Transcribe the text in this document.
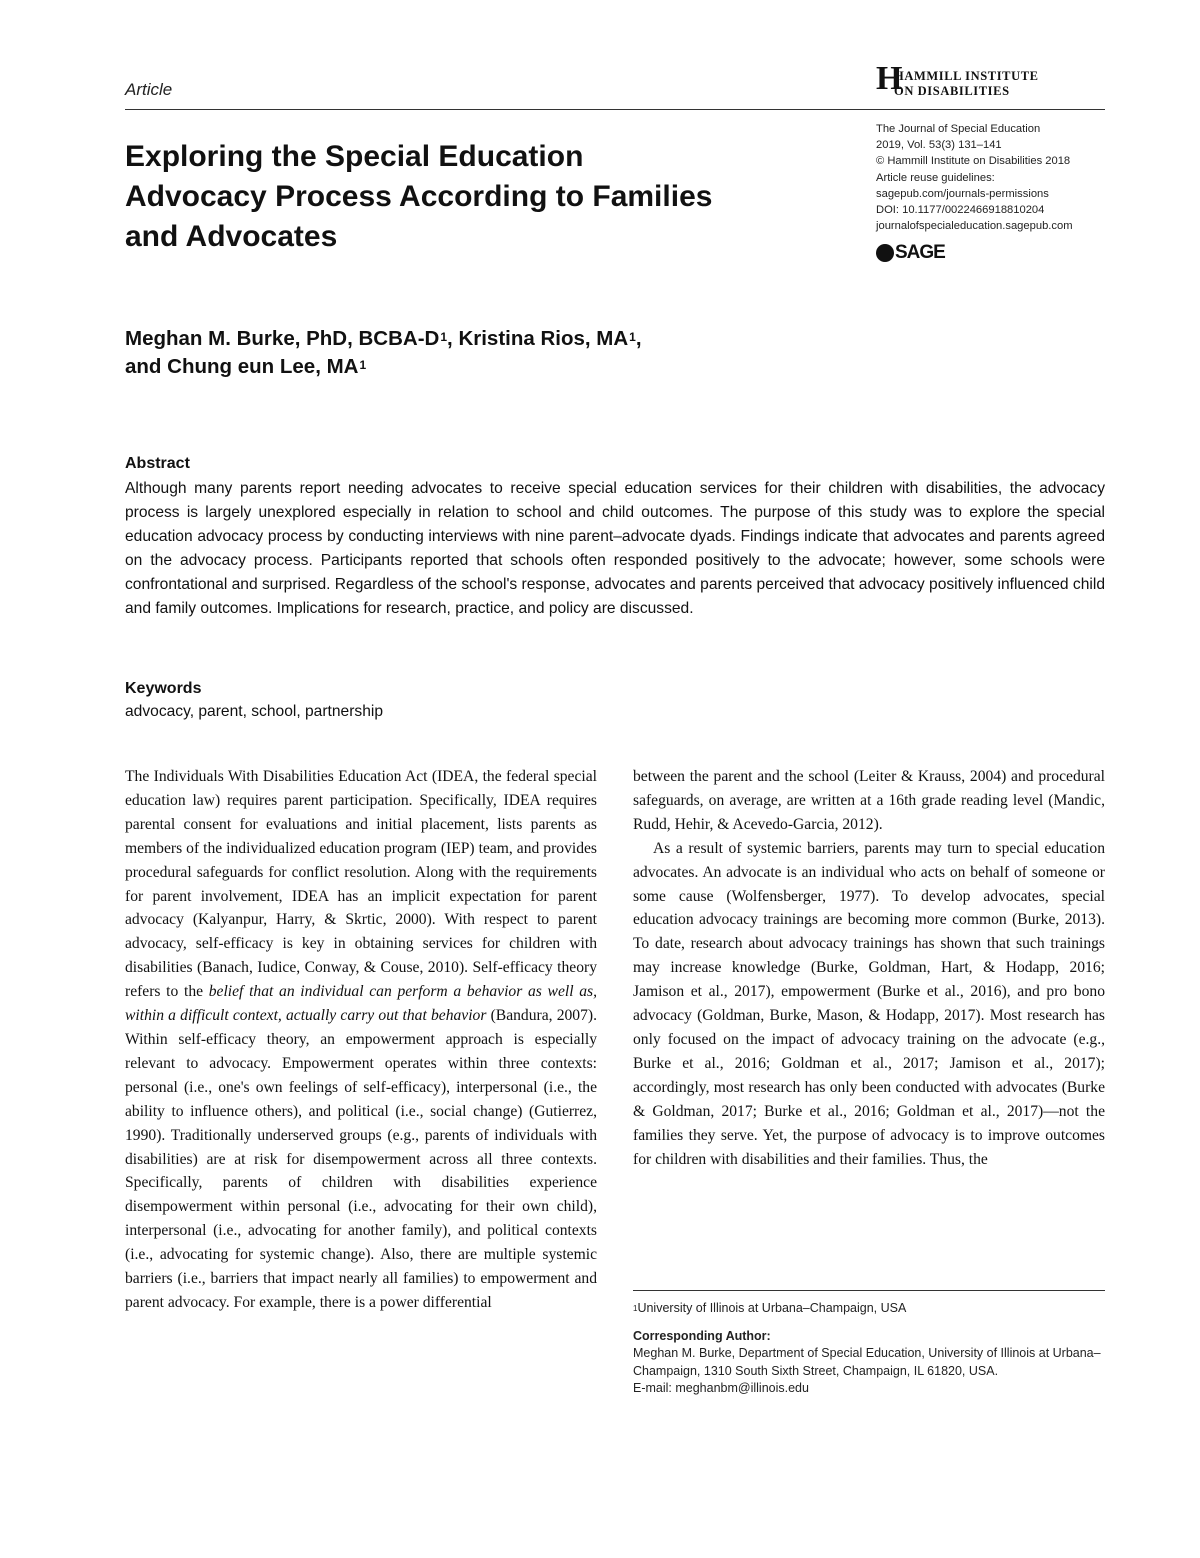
Article	H
HAMMILL INSTITUTE
ON DISABILITIES
Exploring the Special Education Advocacy Process According to Families and Advocates
The Journal of Special Education
2019, Vol. 53(3) 131–141
© Hammill Institute on Disabilities 2018
Article reuse guidelines:
sagepub.com/journals-permissions
DOI: 10.1177/0022466918810204
journalofspecialeducation.sagepub.com
SAGE
Meghan M. Burke, PhD, BCBA-$D^1$, Kristina Rios, $MA^1$,
and Chung eun Lee, $MA^1$
Abstract

Although many parents report needing advocates to receive special education services for their children with disabilities, the advocacy process is largely unexplored especially in relation to school and child outcomes. The purpose of this study was to explore the special education advocacy process by conducting interviews with nine parent–advocate dyads. Findings indicate that advocates and parents agreed on the advocacy process. Participants reported that schools often responded positively to the advocate; however, some schools were confrontational and surprised. Regardless of the school's response, advocates and parents perceived that advocacy positively influenced child and family outcomes. Implications for research, practice, and policy are discussed.

Keywords
advocacy, parent, school, partnership

The Individuals With Disabilities Education Act (IDEA, the federal special education law) requires parent participation. Specifically, IDEA requires parental consent for evaluations and initial placement, lists parents as members of the individualized education program (IEP) team, and provides procedural safeguards for conflict resolution. Along with the requirements for parent involvement, IDEA has an implicit expectation for parent advocacy (Kalyanpur, Harry, & Skrtic, 2000). With respect to parent advocacy, self-efficacy is key in obtaining services for children with disabilities (Banach, Iudice, Conway, & Couse, 2010). Self-efficacy theory refers to the belief that an individual can perform a behavior as well as, within a difficult context, actually carry out that behavior (Bandura, 2007). Within self-efficacy theory, an empowerment approach is especially relevant to advocacy. Empowerment operates within three contexts: personal (i.e., one's own feelings of self-efficacy), interpersonal (i.e., the ability to influence others), and political (i.e., social change) (Gutierrez, 1990). Traditionally underserved groups (e.g., parents of individuals with disabilities) are at risk for disempowerment across all three contexts. Specifically, parents of children with disabilities experience disempowerment within personal (i.e., advocating for their own child), interpersonal (i.e., advocating for another family), and political contexts (i.e., advocating for systemic change). Also, there are multiple systemic barriers (i.e., barriers that impact nearly all families) to empowerment and parent advocacy. For example, there is a power differential

between the parent and the school (Leiter & Krauss, 2004) and procedural safeguards, on average, are written at a 16th grade reading level (Mandic, Rudd, Hehir, & Acevedo-Garcia, 2012).

As a result of systemic barriers, parents may turn to special education advocates. An advocate is an individual who acts on behalf of someone or some cause (Wolfensberger, 1977). To develop advocates, special education advocacy trainings are becoming more common (Burke, 2013). To date, research about advocacy trainings has shown that such trainings may increase knowledge (Burke, Goldman, Hart, & Hodapp, 2016; Jamison et al., 2017), empowerment (Burke et al., 2016), and pro bono advocacy (Goldman, Burke, Mason, & Hodapp, 2017). Most research has only focused on the impact of advocacy training on the advocate (e.g., Burke et al., 2016; Goldman et al., 2017; Jamison et al., 2017); accordingly, most research has only been conducted with advocates (Burke & Goldman, 2017; Burke et al., 2016; Goldman et al., 2017)—not the families they serve. Yet, the purpose of advocacy is to improve outcomes for children with disabilities and their families. Thus, the

$^1$University of Illinois at Urbana–Champaign, USA

Corresponding Author:

Meghan M. Burke, Department of Special Education, University of Illinois at Urbana–Champaign, 1310 South Sixth Street, Champaign, IL 61820, USA.

E-mail: meghanbm@illinois.edu
